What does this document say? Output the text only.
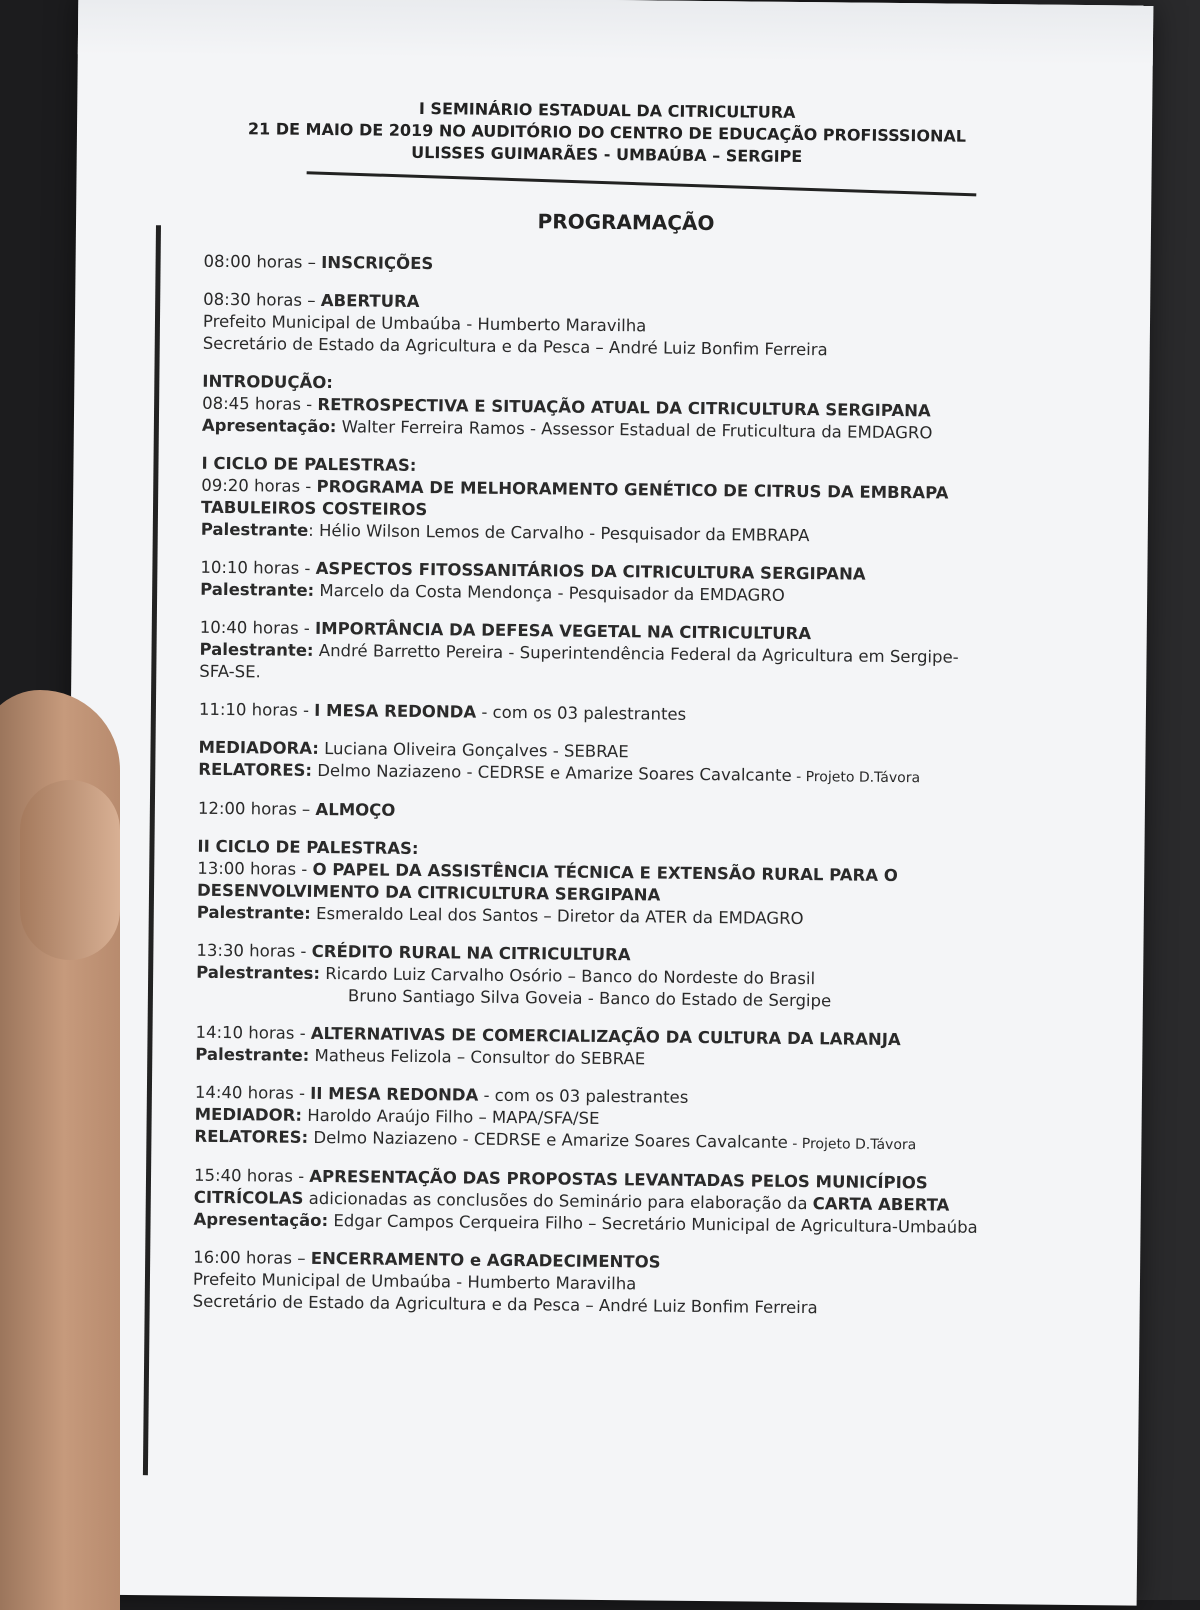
I SEMINÁRIO ESTADUAL DA CITRICULTURA
21 DE MAIO DE 2019 NO AUDITÓRIO DO CENTRO DE EDUCAÇÃO PROFISSSIONAL
ULISSES GUIMARÃES - UMBAÚBA – SERGIPE
PROGRAMAÇÃO
08:00 horas – INSCRIÇÕES
08:30 horas – ABERTURA
Prefeito Municipal de Umbaúba - Humberto Maravilha
Secretário de Estado da Agricultura e da Pesca – André Luiz Bonfim Ferreira
INTRODUÇÃO:
08:45 horas - RETROSPECTIVA E SITUAÇÃO ATUAL DA CITRICULTURA SERGIPANA
Apresentação: Walter Ferreira Ramos - Assessor Estadual de Fruticultura da EMDAGRO
I CICLO DE PALESTRAS:
09:20 horas - PROGRAMA DE MELHORAMENTO GENÉTICO DE CITRUS DA EMBRAPA
TABULEIROS COSTEIROS
Palestrante: Hélio Wilson Lemos de Carvalho - Pesquisador da EMBRAPA
10:10 horas - ASPECTOS FITOSSANITÁRIOS DA CITRICULTURA SERGIPANA
Palestrante: Marcelo da Costa Mendonça - Pesquisador da EMDAGRO
10:40 horas - IMPORTÂNCIA DA DEFESA VEGETAL NA CITRICULTURA
Palestrante: André Barretto Pereira - Superintendência Federal da Agricultura em Sergipe-
SFA-SE.
11:10 horas - I MESA REDONDA - com os 03 palestrantes
MEDIADORA: Luciana Oliveira Gonçalves - SEBRAE
RELATORES: Delmo Naziazeno - CEDRSE e Amarize Soares Cavalcante - Projeto D.Távora
12:00 horas – ALMOÇO
II CICLO DE PALESTRAS:
13:00 horas - O PAPEL DA ASSISTÊNCIA TÉCNICA E EXTENSÃO RURAL PARA O
DESENVOLVIMENTO DA CITRICULTURA SERGIPANA
Palestrante: Esmeraldo Leal dos Santos – Diretor da ATER da EMDAGRO
13:30 horas - CRÉDITO RURAL NA CITRICULTURA
Palestrantes: Ricardo Luiz Carvalho Osório – Banco do Nordeste do Brasil
Bruno Santiago Silva Goveia - Banco do Estado de Sergipe
14:10 horas - ALTERNATIVAS DE COMERCIALIZAÇÃO DA CULTURA DA LARANJA
Palestrante: Matheus Felizola – Consultor do SEBRAE
14:40 horas - II MESA REDONDA - com os 03 palestrantes
MEDIADOR: Haroldo Araújo Filho – MAPA/SFA/SE
RELATORES: Delmo Naziazeno - CEDRSE e Amarize Soares Cavalcante - Projeto D.Távora
15:40 horas - APRESENTAÇÃO DAS PROPOSTAS LEVANTADAS PELOS MUNICÍPIOS
CITRÍCOLAS adicionadas as conclusões do Seminário para elaboração da CARTA ABERTA
Apresentação: Edgar Campos Cerqueira Filho – Secretário Municipal de Agricultura-Umbaúba
16:00 horas – ENCERRAMENTO e AGRADECIMENTOS
Prefeito Municipal de Umbaúba - Humberto Maravilha
Secretário de Estado da Agricultura e da Pesca – André Luiz Bonfim Ferreira
